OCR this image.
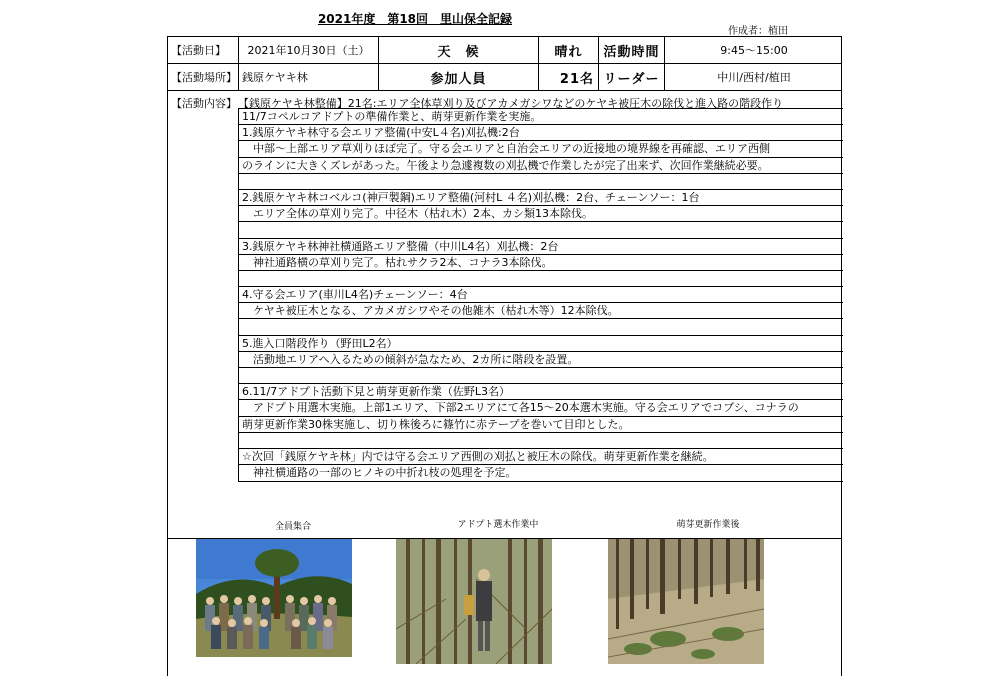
2021年度　第18回　里山保全記録
作成者：植田
【活動日】	2021年10月30日（土）	天　候	晴れ	活動時間	9:45～15:00
【活動場所】 銭原ケヤキ林	参加人員	21名 リーダー	中川/西村/植田
【活動内容】 【銭原ケヤキ林整備】21名:エリア全体草刈り及びアカメガシワなどのケヤキ被圧木の除伐と進入路の階段作り
11/7コペルコアドプトの準備作業と、萌芽更新作業を実施。
1.銭原ケヤキ林守る会エリア整備(中安L４名)刈払機:2台
　中部～上部エリア草刈りほぼ完了。守る会エリアと自治会エリアの近接地の境界線を再確認、エリア西側
のラインに大きくズレがあった。午後より急遽複数の刈払機で作業したが完了出来ず、次回作業継続必要。
2.銭原ケヤキ林コベルコ(神戸製鋼)エリア整備(河村L ４名)刈払機：2台、チェーンソー：1台
　エリア全体の草刈り完了。中径木（枯れ木）2本、カシ類13本除伐。
3.銭原ケヤキ林神社横通路エリア整備（中川L4名）刈払機：2台
　神社通路横の草刈り完了。枯れサクラ2本、コナラ3本除伐。
4.守る会エリア(車川L4名)チェーンソー：4台
　ケヤキ被圧木となる、アカメガシワやその他雑木（枯れ木等）12本除伐。
5.進入口階段作り（野田L2名）
　活動地エリアへ入るための傾斜が急なため、2カ所に階段を設置。
6.11/7アドプト活動下見と萌芽更新作業（佐野L3名）
　アドプト用選木実施。上部1エリア、下部2エリアにて各15～20本選木実施。守る会エリアでコブシ、コナラの
萌芽更新作業30株実施し、切り株後ろに篠竹に赤テープを巻いて目印とした。
☆次回「銭原ケヤキ林」内では守る会エリア西側の刈払と被圧木の除伐。萌芽更新作業を継続。
　神社横通路の一部のヒノキの中折れ枝の処理を予定。
全員集合	アドプト選木作業中	萌芽更新作業後
